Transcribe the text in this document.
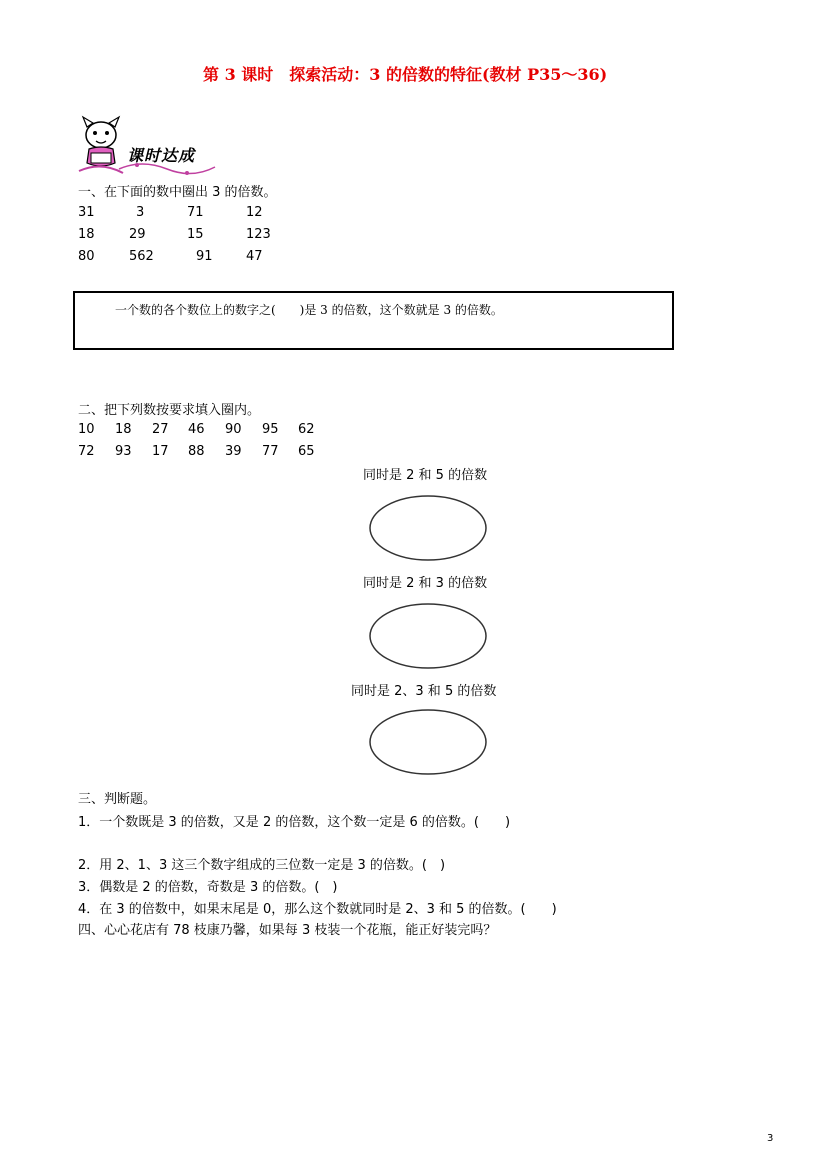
第 3 课时　探索活动：3 的倍数的特征(教材 P35～36)
课时达成
一、在下面的数中圈出 3 的倍数。
31	3	71	12
18	29	15	123
80	562	91	47
一个数的各个数位上的数字之(　　)是 3 的倍数，这个数就是 3 的倍数。
二、把下列数按要求填入圈内。
10 18 27 46 90 95 62
72 93 17 88 39 77 65
同时是 2 和 5 的倍数
同时是 2 和 3 的倍数
同时是 2、3 和 5 的倍数
三、判断题。
1．一个数既是 3 的倍数，又是 2 的倍数，这个数一定是 6 的倍数。(　　)
2．用 2、1、3 这三个数字组成的三位数一定是 3 的倍数。(　)
3．偶数是 2 的倍数，奇数是 3 的倍数。(　)
4．在 3 的倍数中，如果末尾是 0，那么这个数就同时是 2、3 和 5 的倍数。(　　)
四、心心花店有 78 枝康乃馨，如果每 3 枝装一个花瓶，能正好装完吗？
3
